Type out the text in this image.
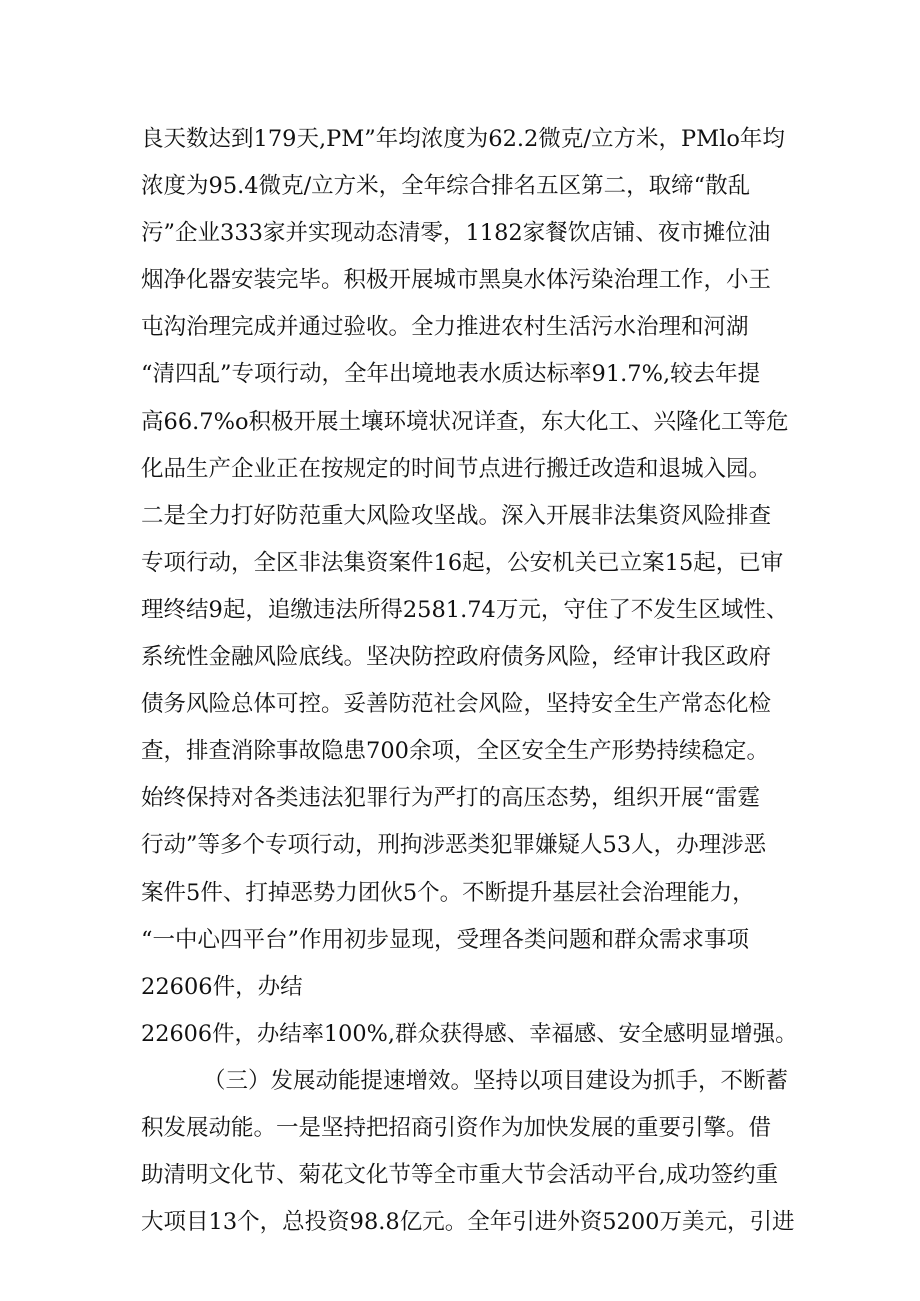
良天数达到179天,PM”年均浓度为62.2微克/立方米，PMlo年均
浓度为95.4微克/立方米，全年综合排名五区第二，取缔“散乱
污”企业333家并实现动态清零，1182家餐饮店铺、夜市摊位油
烟净化器安装完毕。积极开展城市黑臭水体污染治理工作，小王
屯沟治理完成并通过验收。全力推进农村生活污水治理和河湖
“清四乱”专项行动，全年出境地表水质达标率91.7%,较去年提
高66.7%o积极开展土壤环境状况详查，东大化工、兴隆化工等危
化品生产企业正在按规定的时间节点进行搬迁改造和退城入园。
二是全力打好防范重大风险攻坚战。深入开展非法集资风险排查
专项行动，全区非法集资案件16起，公安机关已立案15起，已审
理终结9起，追缴违法所得2581.74万元，守住了不发生区域性、
系统性金融风险底线。坚决防控政府债务风险，经审计我区政府
债务风险总体可控。妥善防范社会风险，坚持安全生产常态化检
查，排查消除事故隐患700余项，全区安全生产形势持续稳定。
始终保持对各类违法犯罪行为严打的高压态势，组织开展“雷霆
行动”等多个专项行动，刑拘涉恶类犯罪嫌疑人53人，办理涉恶
案件5件、打掉恶势力团伙5个。不断提升基层社会治理能力，
“一中心四平台”作用初步显现，受理各类问题和群众需求事项
22606件，办结
22606件，办结率100%,群众获得感、幸福感、安全感明显增强。
（三）发展动能提速增效。坚持以项目建设为抓手，不断蓄
积发展动能。一是坚持把招商引资作为加快发展的重要引擎。借
助清明文化节、菊花文化节等全市重大节会活动平台,成功签约重
大项目13个，总投资98.8亿元。全年引进外资5200万美元，引进
